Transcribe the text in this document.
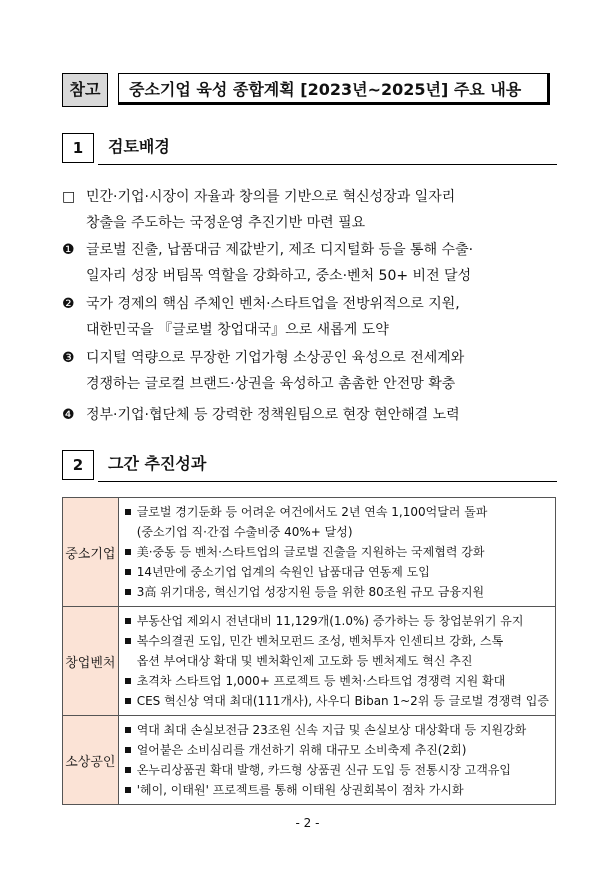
참고	중소기업 육성 종합계획 [2023년~2025년] 주요 내용
1	검토배경
□ 민간·기업·시장이 자율과 창의를 기반으로 혁신성장과 일자리
창출을 주도하는 국정운영 추진기반 마련 필요
❶ 글로벌 진출, 납품대금 제값받기, 제조 디지털화 등을 통해 수출·
일자리 성장 버팀목 역할을 강화하고, 중소·벤처 50+ 비전 달성
❷ 국가 경제의 핵심 주체인 벤처·스타트업을 전방위적으로 지원,
대한민국을 『글로벌 창업대국』으로 새롭게 도약
❸ 디지털 역량으로 무장한 기업가형 소상공인 육성으로 전세계와
경쟁하는 글로컬 브랜드·상권을 육성하고 촘촘한 안전망 확충
❹ 정부·기업·협단체 등 강력한 정책원팀으로 현장 현안해결 노력
2	그간 추진성과
중소기업	글로벌 경기둔화 등 어려운 여건에서도 2년 연속 1,100억달러 돌파
(중소기업 직·간접 수출비중 40%+ 달성)
美·중동 등 벤처·스타트업의 글로벌 진출을 지원하는 국제협력 강화
14년만에 중소기업 업계의 숙원인 납품대금 연동제 도입
3高 위기대응, 혁신기업 성장지원 등을 위한 80조원 규모 금융지원

창업벤처	부동산업 제외시 전년대비 11,129개(1.0%) 증가하는 등 창업분위기 유지
복수의결권 도입, 민간 벤처모펀드 조성, 벤처투자 인센티브 강화, 스톡
옵션 부여대상 확대 및 벤처확인제 고도화 등 벤처제도 혁신 추진
초격차 스타트업 1,000+ 프로젝트 등 벤처·스타트업 경쟁력 지원 확대
CES 혁신상 역대 최대(111개사), 사우디 Biban 1~2위 등 글로벌 경쟁력 입증

소상공인	역대 최대 손실보전금 23조원 신속 지급 및 손실보상 대상확대 등 지원강화
얼어붙은 소비심리를 개선하기 위해 대규모 소비축제 추진(2회)
온누리상품권 확대 발행, 카드형 상품권 신규 도입 등 전통시장 고객유입
'헤이, 이태원' 프로젝트를 통해 이태원 상권회복이 점차 가시화
- 2 -
